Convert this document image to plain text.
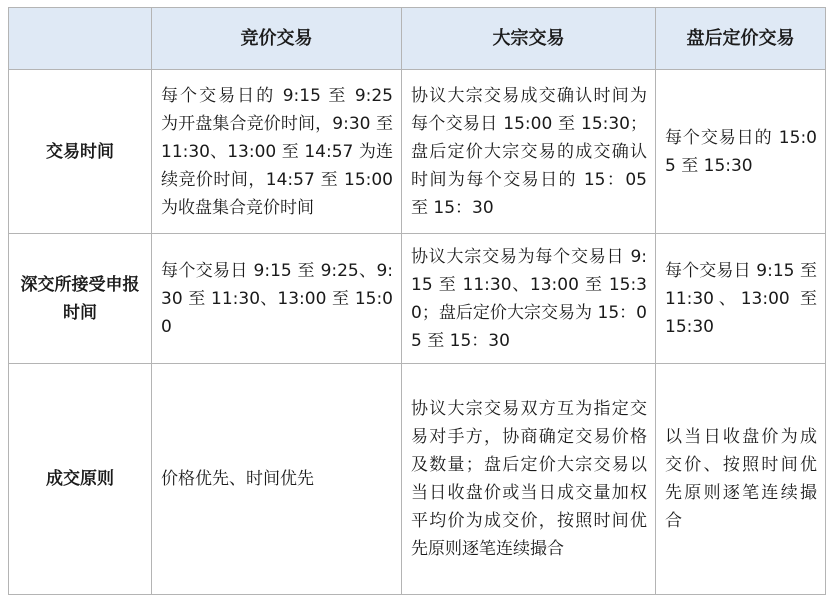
	竞价交易	大宗交易	盘后定价交易
交易时间	每个交易日的 9:15 至 9:25 为开盘集合竞价时间，9:30 至 11:30、13:00 至 14:57 为连续竞价时间，14:57 至 15:00 为收盘集合竞价时间	协议大宗交易成交确认时间为每个交易日 15:00 至 15:30；盘后定价大宗交易的成交确认时间为每个交易日的 15：05 至 15：30	每个交易日的 15:05 至 15:30
深交所接受申报时间	每个交易日 9:15 至 9:25、9:30 至 11:30、13:00 至 15:00	协议大宗交易为每个交易日 9:15 至 11:30、13:00 至 15:30；盘后定价大宗交易为 15：05 至 15：30	每个交易日 9:15 至 11:30、13:00 至 15:30
成交原则	价格优先、时间优先	协议大宗交易双方互为指定交易对手方，协商确定交易价格及数量；盘后定价大宗交易以当日收盘价或当日成交量加权平均价为成交价，按照时间优先原则逐笔连续撮合	以当日收盘价为成交价、按照时间优先原则逐笔连续撮合
